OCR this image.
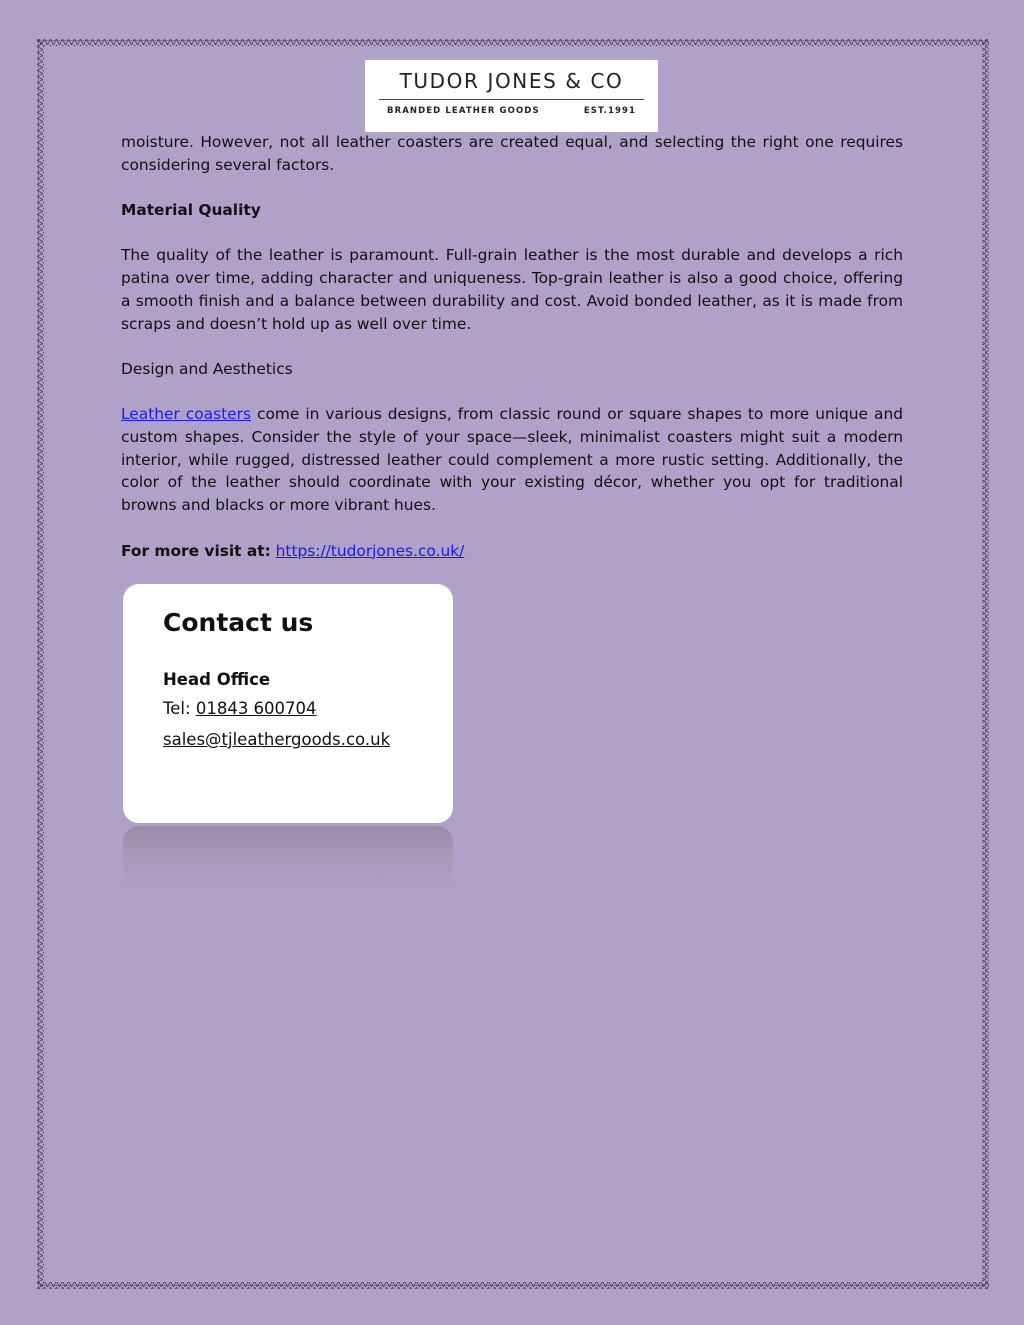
TUDOR JONES & CO
BRANDED LEATHER GOODS	EST.1991

moisture. However, not all leather coasters are created equal, and selecting the right one requires considering several factors.

Material Quality

The quality of the leather is paramount. Full-grain leather is the most durable and develops a rich patina over time, adding character and uniqueness. Top-grain leather is also a good choice, offering a smooth finish and a balance between durability and cost. Avoid bonded leather, as it is made from scraps and doesn’t hold up as well over time.

Design and Aesthetics

Leather coasters come in various designs, from classic round or square shapes to more unique and custom shapes. Consider the style of your space—sleek, minimalist coasters might suit a modern interior, while rugged, distressed leather could complement a more rustic setting. Additionally, the color of the leather should coordinate with your existing décor, whether you opt for traditional browns and blacks or more vibrant hues.

For more visit at: https://tudorjones.co.uk/

Contact us
Head Office
Tel: 01843 600704
sales@tjleathergoods.co.uk
